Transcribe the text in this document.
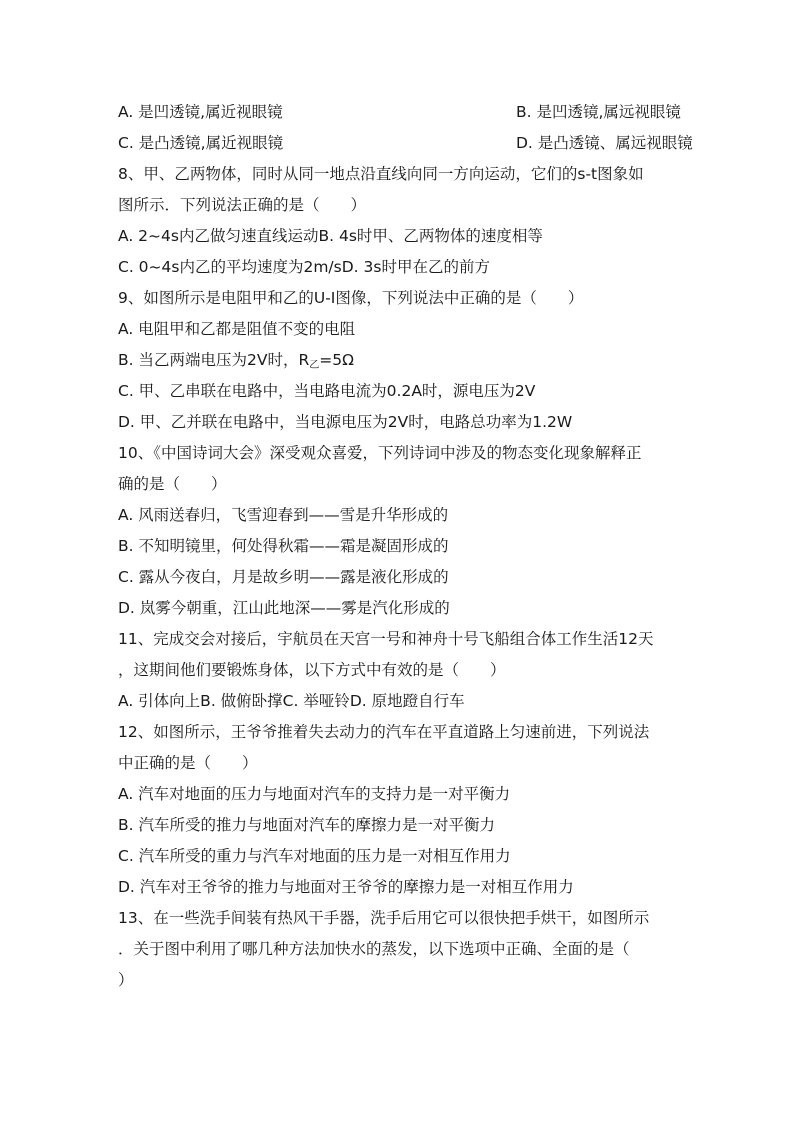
A. 是凹透镜,属近视眼镜	B. 是凹透镜,属远视眼镜
C. 是凸透镜,属近视眼镜	D. 是凸透镜、属远视眼镜
8、甲、乙两物体，同时从同一地点沿直线向同一方向运动，它们的s-t图象如
图所示．下列说法正确的是（　　）
A. 2~4s内乙做匀速直线运动B. 4s时甲、乙两物体的速度相等
C. 0~4s内乙的平均速度为2m/sD. 3s时甲在乙的前方
9、如图所示是电阻甲和乙的U-I图像，下列说法中正确的是（　　）
A. 电阻甲和乙都是阻值不变的电阻
B. 当乙两端电压为2V时，$R_乙=5\Omega$
C. 甲、乙串联在电路中，当电路电流为0.2A时，源电压为2V
D. 甲、乙并联在电路中，当电源电压为2V时，电路总功率为1.2W
10、《中国诗词大会》深受观众喜爱，下列诗词中涉及的物态变化现象解释正
确的是（　　）
A. 风雨送春归，飞雪迎春到——雪是升华形成的
B. 不知明镜里，何处得秋霜——霜是凝固形成的
C. 露从今夜白，月是故乡明——露是液化形成的
D. 岚雾今朝重，江山此地深——雾是汽化形成的
11、完成交会对接后，宇航员在天宫一号和神舟十号飞船组合体工作生活12天
，这期间他们要锻炼身体，以下方式中有效的是（　　）
A. 引体向上B. 做俯卧撑C. 举哑铃D. 原地蹬自行车
12、如图所示，王爷爷推着失去动力的汽车在平直道路上匀速前进，下列说法
中正确的是（　　）
A. 汽车对地面的压力与地面对汽车的支持力是一对平衡力
B. 汽车所受的推力与地面对汽车的摩擦力是一对平衡力
C. 汽车所受的重力与汽车对地面的压力是一对相互作用力
D. 汽车对王爷爷的推力与地面对王爷爷的摩擦力是一对相互作用力
13、在一些洗手间装有热风干手器，洗手后用它可以很快把手烘干，如图所示
．关于图中利用了哪几种方法加快水的蒸发，以下选项中正确、全面的是（
）
